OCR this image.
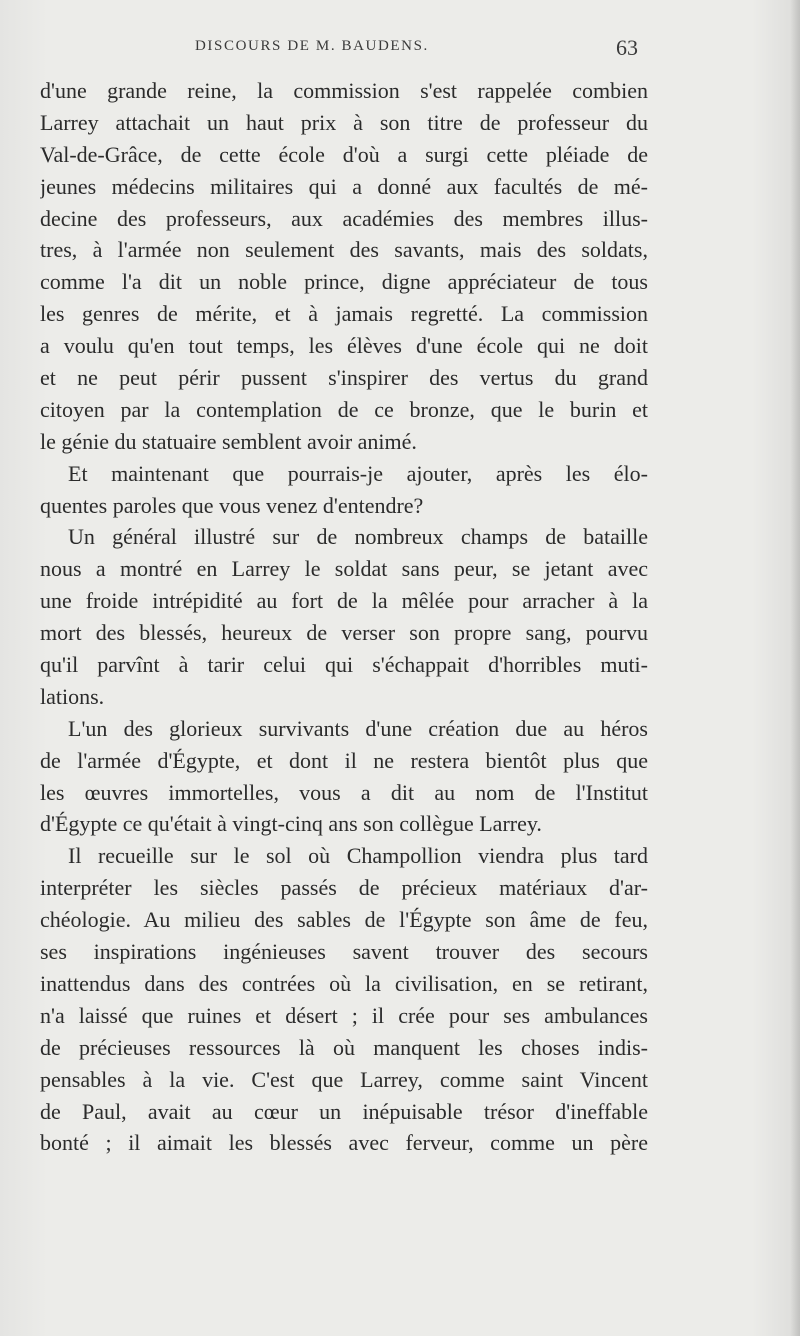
DISCOURS DE M. BAUDENS.	63
d'une grande reine, la commission s'est rappelée combien
Larrey attachait un haut prix à son titre de professeur du
Val-de-Grâce, de cette école d'où a surgi cette pléiade de
jeunes médecins militaires qui a donné aux facultés de mé-
decine des professeurs, aux académies des membres illus-
tres, à l'armée non seulement des savants, mais des soldats,
comme l'a dit un noble prince, digne appréciateur de tous
les genres de mérite, et à jamais regretté. La commission
a voulu qu'en tout temps, les élèves d'une école qui ne doit
et ne peut périr pussent s'inspirer des vertus du grand
citoyen par la contemplation de ce bronze, que le burin et
le génie du statuaire semblent avoir animé.
Et maintenant que pourrais-je ajouter, après les élo-
quentes paroles que vous venez d'entendre?
Un général illustré sur de nombreux champs de bataille
nous a montré en Larrey le soldat sans peur, se jetant avec
une froide intrépidité au fort de la mêlée pour arracher à la
mort des blessés, heureux de verser son propre sang, pourvu
qu'il parvînt à tarir celui qui s'échappait d'horribles muti-
lations.
L'un des glorieux survivants d'une création due au héros
de l'armée d'Égypte, et dont il ne restera bientôt plus que
les œuvres immortelles, vous a dit au nom de l'Institut
d'Égypte ce qu'était à vingt-cinq ans son collègue Larrey.
Il recueille sur le sol où Champollion viendra plus tard
interpréter les siècles passés de précieux matériaux d'ar-
chéologie. Au milieu des sables de l'Égypte son âme de feu,
ses inspirations ingénieuses savent trouver des secours
inattendus dans des contrées où la civilisation, en se retirant,
n'a laissé que ruines et désert ; il crée pour ses ambulances
de précieuses ressources là où manquent les choses indis-
pensables à la vie. C'est que Larrey, comme saint Vincent
de Paul, avait au cœur un inépuisable trésor d'ineffable
bonté ; il aimait les blessés avec ferveur, comme un père
